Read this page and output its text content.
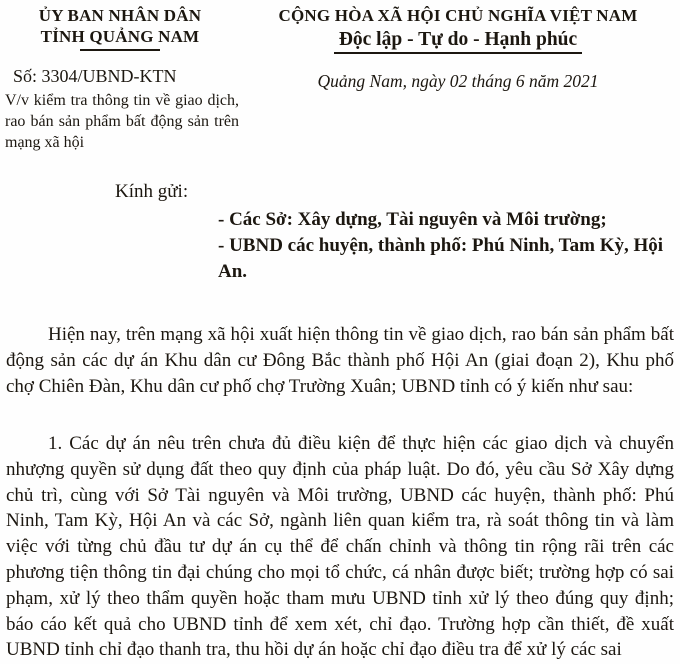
ỦY BAN NHÂN DÂN
TỈNH QUẢNG NAM
CỘNG HÒA XÃ HỘI CHỦ NGHĨA VIỆT NAM
Độc lập - Tự do - Hạnh phúc
Số: 3304/UBND-KTN
V/v kiểm tra thông tin về giao dịch, rao bán sản phẩm bất động sản trên mạng xã hội
Quảng Nam, ngày 02 tháng 6 năm 2021
Kính gửi:
- Các Sở: Xây dựng, Tài nguyên và Môi trường;
- UBND các huyện, thành phố: Phú Ninh, Tam Kỳ, Hội An.

Hiện nay, trên mạng xã hội xuất hiện thông tin về giao dịch, rao bán sản phẩm bất động sản các dự án Khu dân cư Đông Bắc thành phố Hội An (giai đoạn 2), Khu phố chợ Chiên Đàn, Khu dân cư phố chợ Trường Xuân; UBND tỉnh có ý kiến như sau:

1. Các dự án nêu trên chưa đủ điều kiện để thực hiện các giao dịch và chuyển nhượng quyền sử dụng đất theo quy định của pháp luật. Do đó, yêu cầu Sở Xây dựng chủ trì, cùng với Sở Tài nguyên và Môi trường, UBND các huyện, thành phố: Phú Ninh, Tam Kỳ, Hội An và các Sở, ngành liên quan kiểm tra, rà soát thông tin và làm việc với từng chủ đầu tư dự án cụ thể để chấn chỉnh và thông tin rộng rãi trên các phương tiện thông tin đại chúng cho mọi tổ chức, cá nhân được biết; trường hợp có sai phạm, xử lý theo thẩm quyền hoặc tham mưu UBND tỉnh xử lý theo đúng quy định; báo cáo kết quả cho UBND tỉnh để xem xét, chỉ đạo. Trường hợp cần thiết, đề xuất UBND tỉnh chỉ đạo thanh tra, thu hồi dự án hoặc chỉ đạo điều tra để xử lý các sai
